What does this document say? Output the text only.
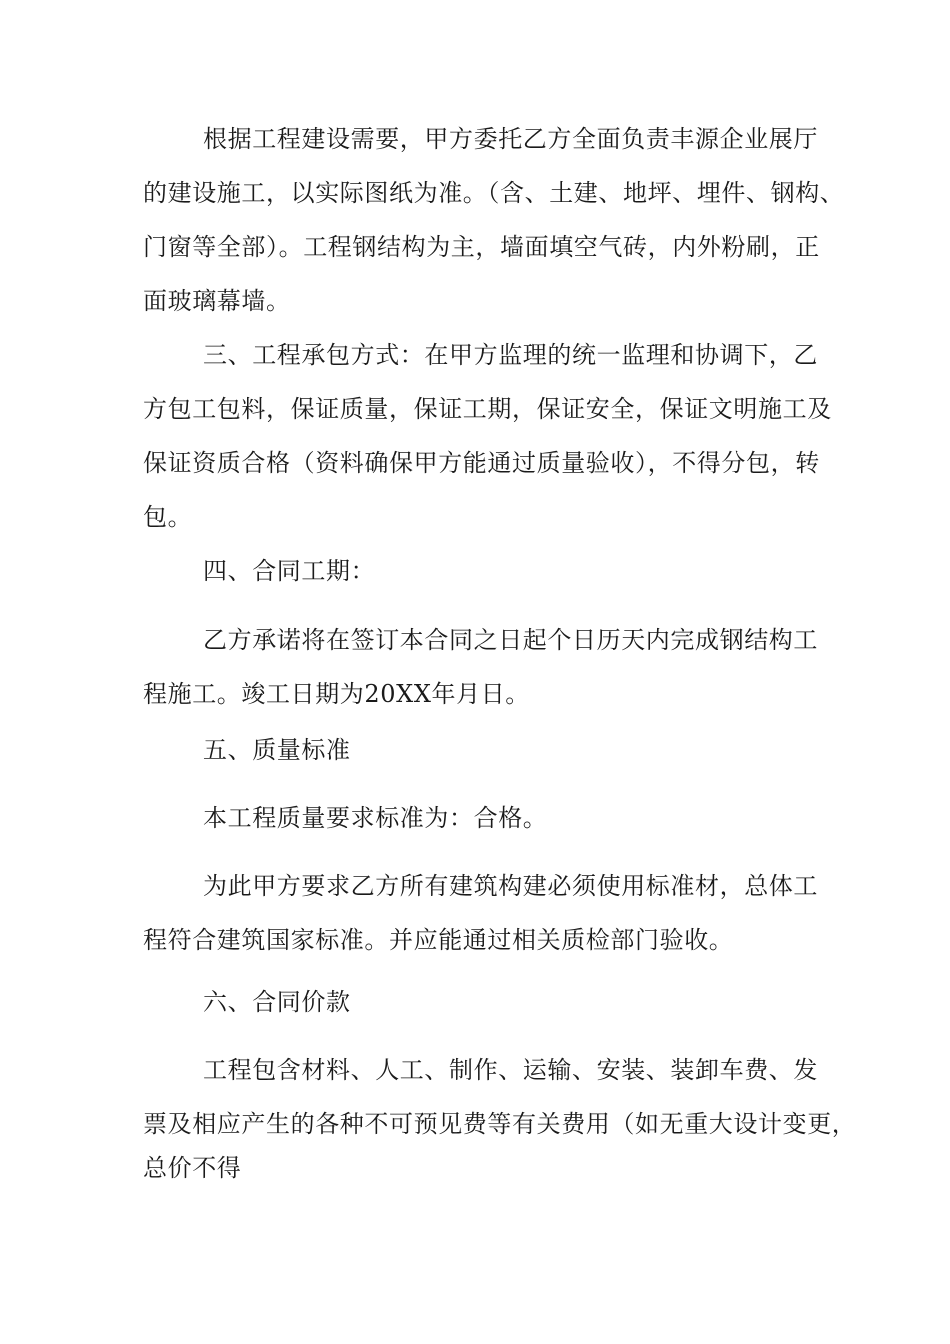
根据工程建设需要，甲方委托乙方全面负责丰源企业展厅
的建设施工，以实际图纸为准。（含、土建、地坪、埋件、钢构、
门窗等全部）。工程钢结构为主，墙面填空气砖，内外粉刷，正
面玻璃幕墙。
三、工程承包方式：在甲方监理的统一监理和协调下，乙
方包工包料，保证质量，保证工期，保证安全，保证文明施工及
保证资质合格（资料确保甲方能通过质量验收），不得分包，转
包。
四、合同工期：
乙方承诺将在签订本合同之日起个日历天内完成钢结构工
程施工。竣工日期为20XX年月日。
五、质量标准
本工程质量要求标准为：合格。
为此甲方要求乙方所有建筑构建必须使用标准材，总体工
程符合建筑国家标准。并应能通过相关质检部门验收。
六、合同价款
工程包含材料、人工、制作、运输、安装、装卸车费、发
票及相应产生的各种不可预见费等有关费用（如无重大设计变更，
总价不得
